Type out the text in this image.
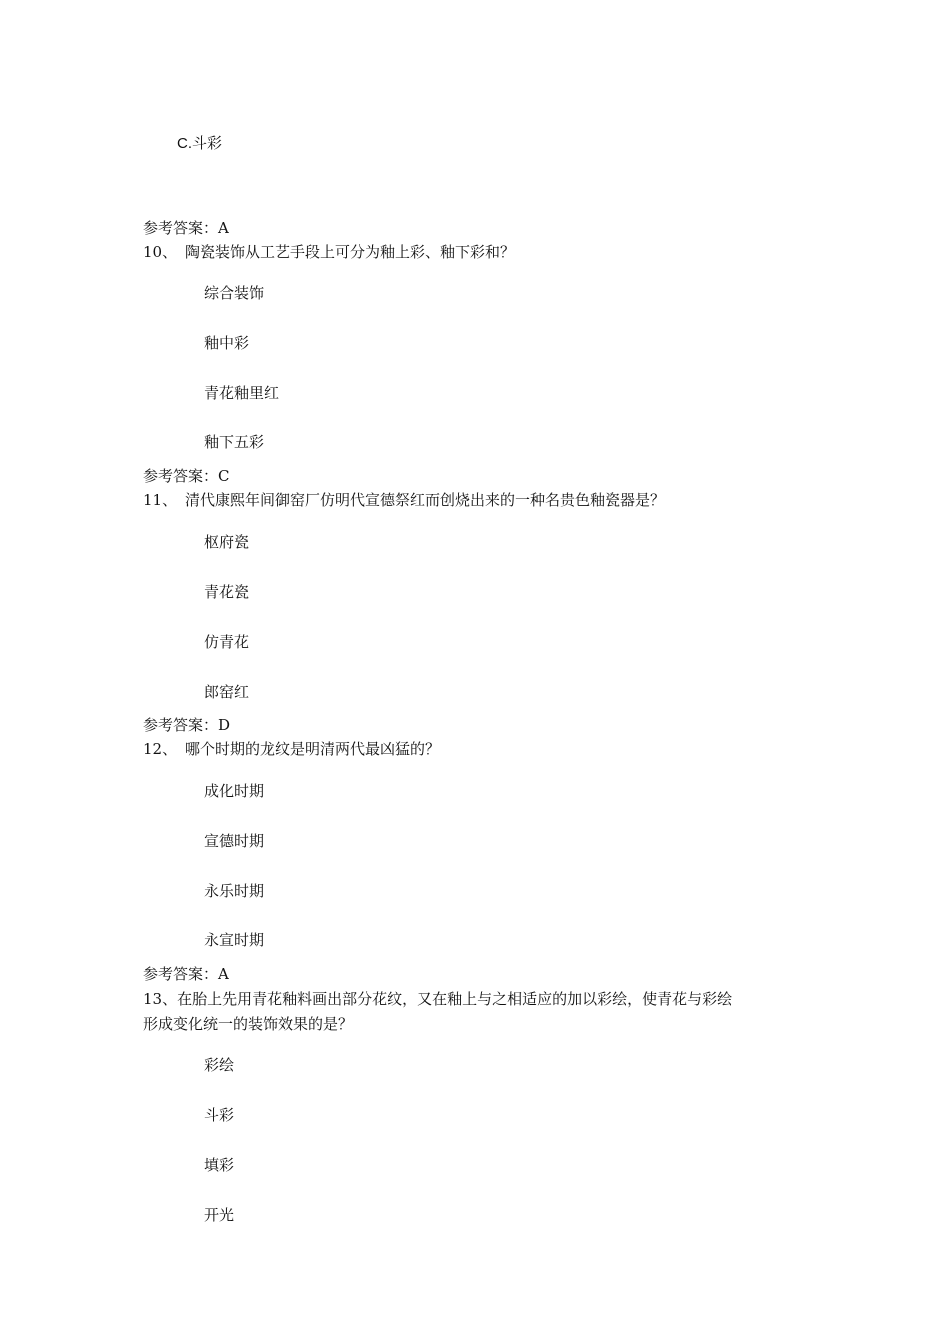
C.斗彩
参考答案：A
10、 陶瓷装饰从工艺手段上可分为釉上彩、釉下彩和？
综合装饰
釉中彩
青花釉里红
釉下五彩
参考答案：C
11、 清代康熙年间御窑厂仿明代宣德祭红而创烧出来的一种名贵色釉瓷器是？
枢府瓷
青花瓷
仿青花
郎窑红
参考答案：D
12、 哪个时期的龙纹是明清两代最凶猛的？
成化时期
宣德时期
永乐时期
永宣时期
参考答案：A
13、在胎上先用青花釉料画出部分花纹，又在釉上与之相适应的加以彩绘，使青花与彩绘
形成变化统一的装饰效果的是？
彩绘
斗彩
填彩
开光
